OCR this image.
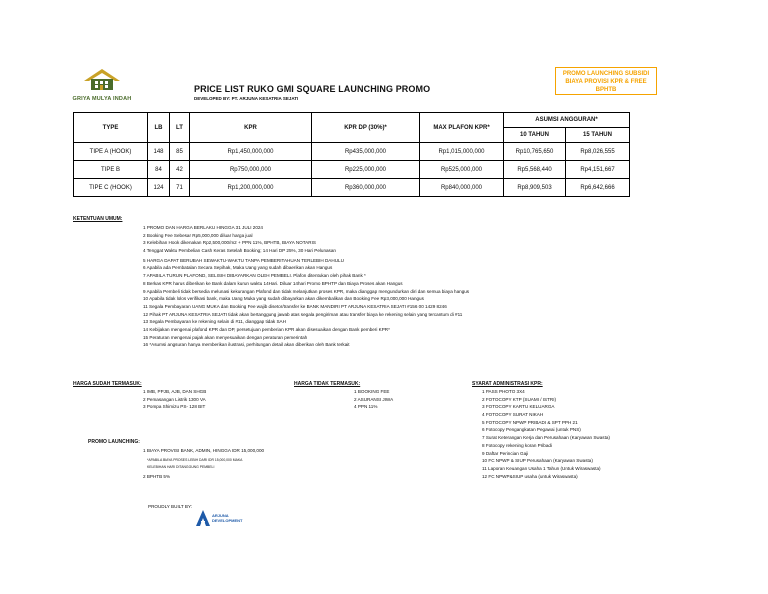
GRIYA MULYA INDAH
PRICE LIST RUKO GMI SQUARE LAUNCHING PROMO
DEVELOPED BY: PT. ARJUNA KESATRIA SEJATI
PROMO LAUNCHING SUBSIDI BIAYA PROVISI KPR & FREE BPHTB
TYPE	LB	LT	KPR	KPR DP (30%)*	MAX PLAFON KPR*	ASUMSI ANGGURAN*	
						10 TAHUN	15 TAHUN
TIPE A (HOOK)	148	85	Rp1,450,000,000	Rp435,000,000	Rp1,015,000,000	Rp10,765,650	Rp8,026,555
TIPE B	84	42	Rp750,000,000	Rp225,000,000	Rp525,000,000	Rp5,568,440	Rp4,151,667
TIPE C (HOOK)	124	71	Rp1,200,000,000	Rp360,000,000	Rp840,000,000	Rp8,909,503	Rp6,642,666
KETENTUAN UMUM:
1 PROMO DAN HARGA BERLAKU HINGGA 31 JULI 2024
2 Booking Fee Sebesar Rp5,000,000 diluar harga jual
3 Kelebihan Hook dikenakan Rp2,500,000/m2 + PPN 11%, BPHTB, BIAYA NOTARIS
4 Tenggat Waktu Pembelian Cash Keras Setelah Booking; 14 Hari DP 25%, 30 Hari Pelunasan
5 HARGA DAPAT BERUBAH SEWAKTU-WAKTU TANPA PEMBERITAHUAN TERLEBIH DAHULU
6 Apabila ada Pembatalan Secara Sepihak, Maka Uang yang sudah dibaerikan akan Hangus
7 APABILA TURUN PLAFOND, SELISIH DIBAYARKAN OLEH PEMBELI. Plafon ditentukan oleh pihak Bank *
8 Berkas KPR harus diberikan ke Bank dalam kurun waktu 14Hari. Diluar 14hari Promo BPHTP dan Biaya Proses akan Hangus
9 Apabila Pembeli tidak bersedia melunasi kekurangan Plafond dan tidak melanjutkan proses KPR, maka dianggap mengundurkan diri dan semua biaya hangus
10 Apabila tidak lolos verifikasi bank, maka Uang Muka yang sudah dibayarkan akan dikembalikan dan Booking Fee Rp3,000,000 Hangus
11 Segala Pembayaran UANG MUKA dan Booking Fee wajib disetor/transfer ke BANK MANDIRI PT ARJUNA KESATRIA SEJATI #156 00 1429 8246
12 Pihak PT ARJUNA KESATRIA SEJATI tidak akan bertanggung jawab atas segala pengiriman atau transfer biaya ke rekening selain yang tercantum di #11
13 Segala Pembayaran ke rekening selain di #11, dianggap tidak SAH
14 Kebijakan mengenai plafond KPR dan DP, persetujuan pemberian KPR akan disesuaikan dengan Bank pemberi KPR*
15 Peraturan mengenai pajak akan menyesuaikan dengan peraturan pemerintah
16 *Asumsi angsuran hanya memberikan ilustrasi, perhitungan detail akan diberikan oleh Bank terkait
HARGA SUDAH TERMASUK:
1 IMB, PPJB, AJB, DAN SHGB
2 Pemasangan Listrik 1300 VA
3 Pompa Shimizu PS- 128 BIT
HARGA TIDAK TERMASUK:
1 BOOKING FEE
2 ASURANSI JIWA
4 PPN 11%
SYARAT ADMINISTRASI KPR:
1 PASS PHOTO 3X4
2 FOTOCOPY KTP (SUAMI / ISTRI)
3 FOTOCOPY KARTU KELUARGA
4 FOTOCOPY SURAT NIKAH
5 FOTOCOPY NPWP PRIBADI & SPT PPH 21
6 Fotocopy Pengangkatan Pegawai (untuk PNS)
7 Surat Keterangan Kerja dan Perusahaan (Karyawan Swasta)
8 Fotocopy rekening koran Pribadi
9 Daftar Perincian Gaji
10 FC NPWP & SIUP Perusahaan (Karyawan Swasta)
11 Laporan Keuangan Usaha 1 Tahun (Untuk Wiraswasta)
12 FC NPWP&SIUP usaha (untuk Wiraswasta)
PROMO LAUNCHING:
1 BIAYA PROVISI BANK, ADMIN, HINGGA IDR 15,000,000
*APABILA BIAYA PROSES LEBIH DARI IDR 15,000,000 MAKA
KELEBIHAN HARI DITANGGUNG PEMBELI
2 BPHTB 5%
PROUDLY BUILT BY:
ARJUNA
DEVELOPMENT
